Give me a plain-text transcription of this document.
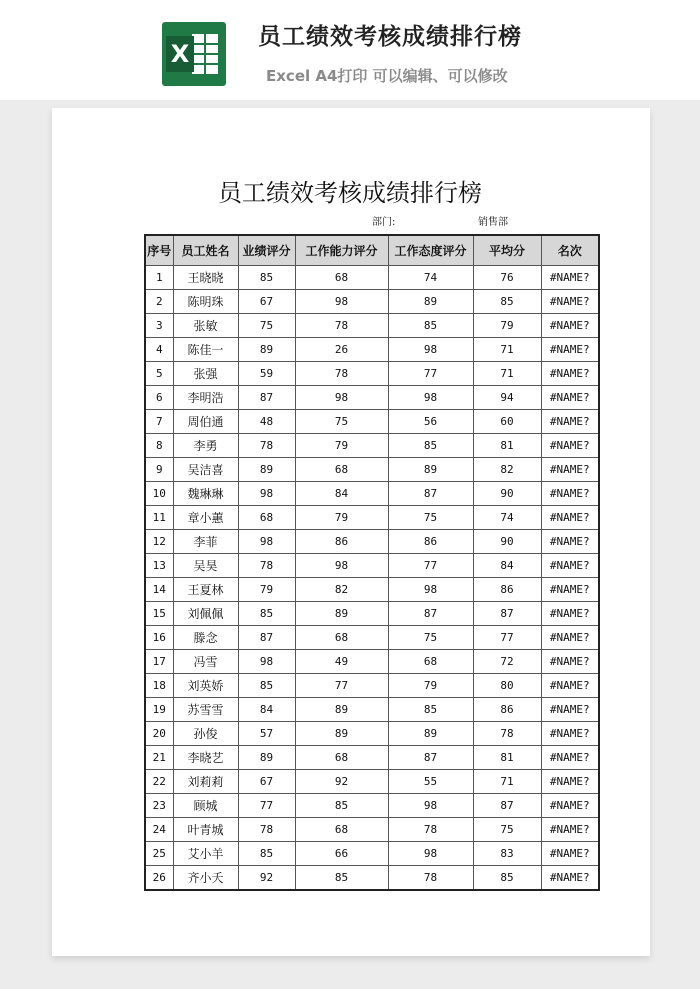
X
员工绩效考核成绩排行榜
Excel A4打印 可以编辑、可以修改
员工绩效考核成绩排行榜
部门:	销售部
序号	员工姓名	业绩评分	工作能力评分	工作态度评分	平均分	名次
1	王晓晓	85	68	74	76	#NAME?
2	陈明珠	67	98	89	85	#NAME?
3	张敏	75	78	85	79	#NAME?
4	陈佳一	89	26	98	71	#NAME?
5	张强	59	78	77	71	#NAME?
6	李明浩	87	98	98	94	#NAME?
7	周伯通	48	75	56	60	#NAME?
8	李勇	78	79	85	81	#NAME?
9	吴洁喜	89	68	89	82	#NAME?
10	魏琳琳	98	84	87	90	#NAME?
11	章小蕙	68	79	75	74	#NAME?
12	李菲	98	86	86	90	#NAME?
13	吴昊	78	98	77	84	#NAME?
14	王夏林	79	82	98	86	#NAME?
15	刘佩佩	85	89	87	87	#NAME?
16	滕念	87	68	75	77	#NAME?
17	冯雪	98	49	68	72	#NAME?
18	刘英娇	85	77	79	80	#NAME?
19	苏雪雪	84	89	85	86	#NAME?
20	孙俊	57	89	89	78	#NAME?
21	李晓艺	89	68	87	81	#NAME?
22	刘莉莉	67	92	55	71	#NAME?
23	顾城	77	85	98	87	#NAME?
24	叶青城	78	68	78	75	#NAME?
25	艾小羊	85	66	98	83	#NAME?
26	齐小夭	92	85	78	85	#NAME?
